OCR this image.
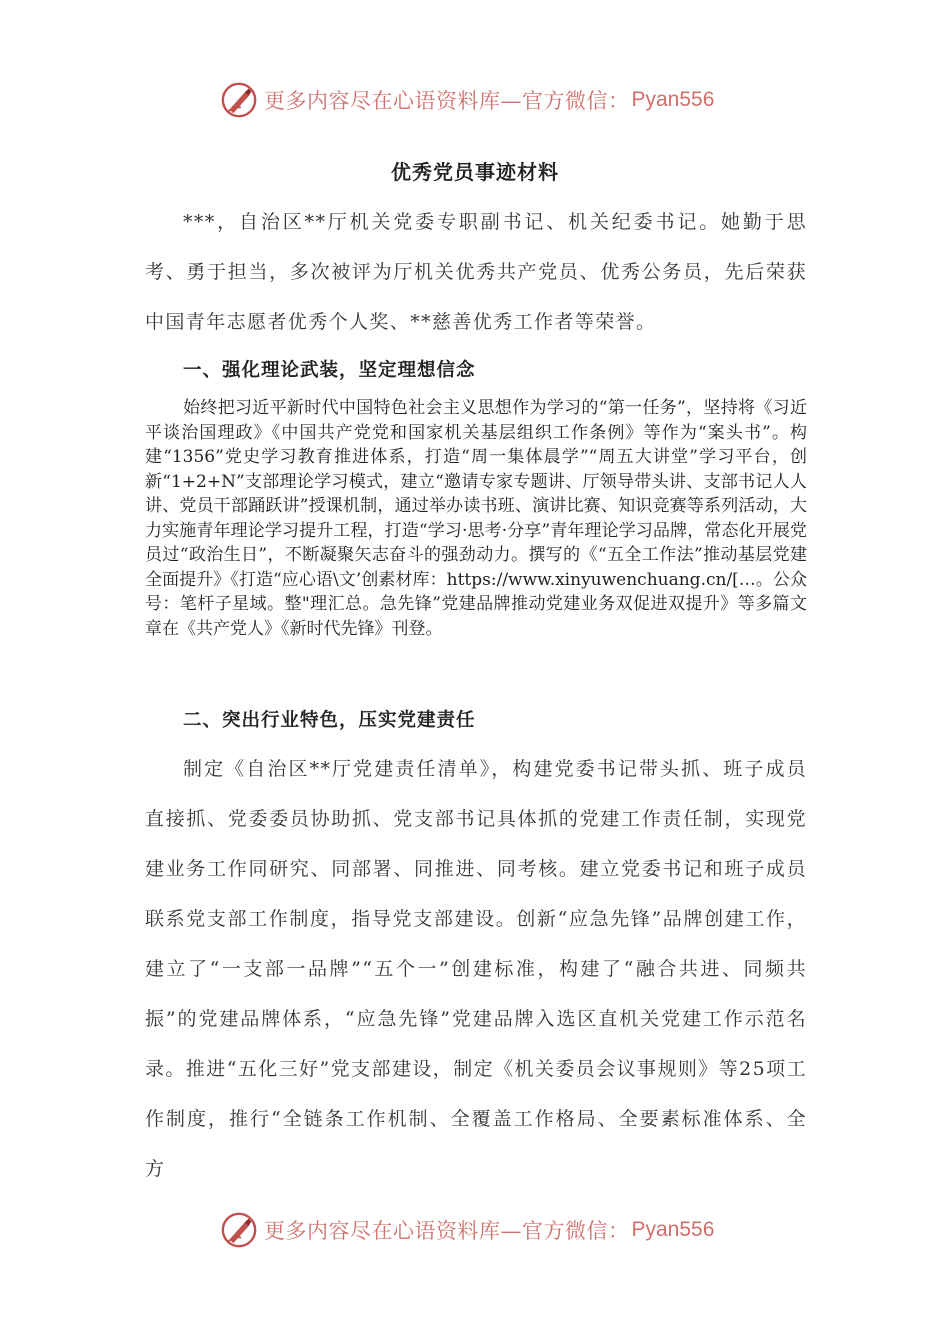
更多内容尽在心语资料库—官方微信： Pyan556
优秀党员事迹材料

***，自治区**厅机关党委专职副书记、机关纪委书记。她勤于思考、勇于担当，多次被评为厅机关优秀共产党员、优秀公务员，先后荣获中国青年志愿者优秀个人奖、**慈善优秀工作者等荣誉。

一、强化理论武装，坚定理想信念

始终把习近平新时代中国特色社会主义思想作为学习的“第一任务”，坚持将《习近平谈治国理政》《中国共产党党和国家机关基层组织工作条例》等作为“案头书”。构建“1356”党史学习教育推进体系，打造“周一集体晨学”“周五大讲堂”学习平台，创新“1+2+N”支部理论学习模式，建立“邀请专家专题讲、厅领导带头讲、支部书记人人讲、党员干部踊跃讲”授课机制，通过举办读书班、演讲比赛、知识竞赛等系列活动，大力实施青年理论学习提升工程，打造“学习·思考·分享”青年理论学习品牌，常态化开展党员过“政治生日”，不断凝聚矢志奋斗的强劲动力。撰写的《“五全工作法”推动基层党建全面提升》《打造“应心语\文’创素材库：https://www.xinyuwenchuang.cn/[…。公众号：笔杆子星域。整"理汇总。急先锋”党建品牌推动党建业务双促进双提升》等多篇文章在《共产党人》《新时代先锋》刊登。

二、突出行业特色，压实党建责任

制定《自治区**厅党建责任清单》，构建党委书记带头抓、班子成员直接抓、党委委员协助抓、党支部书记具体抓的党建工作责任制，实现党建业务工作同研究、同部署、同推进、同考核。建立党委书记和班子成员联系党支部工作制度，指导党支部建设。创新“应急先锋”品牌创建工作，建立了“一支部一品牌”“五个一”创建标准，构建了“融合共进、同频共振”的党建品牌体系，“应急先锋”党建品牌入选区直机关党建工作示范名录。推进“五化三好”党支部建设，制定《机关委员会议事规则》等25项工作制度，推行“全链条工作机制、全覆盖工作格局、全要素标准体系、全方

更多内容尽在心语资料库—官方微信： Pyan556
